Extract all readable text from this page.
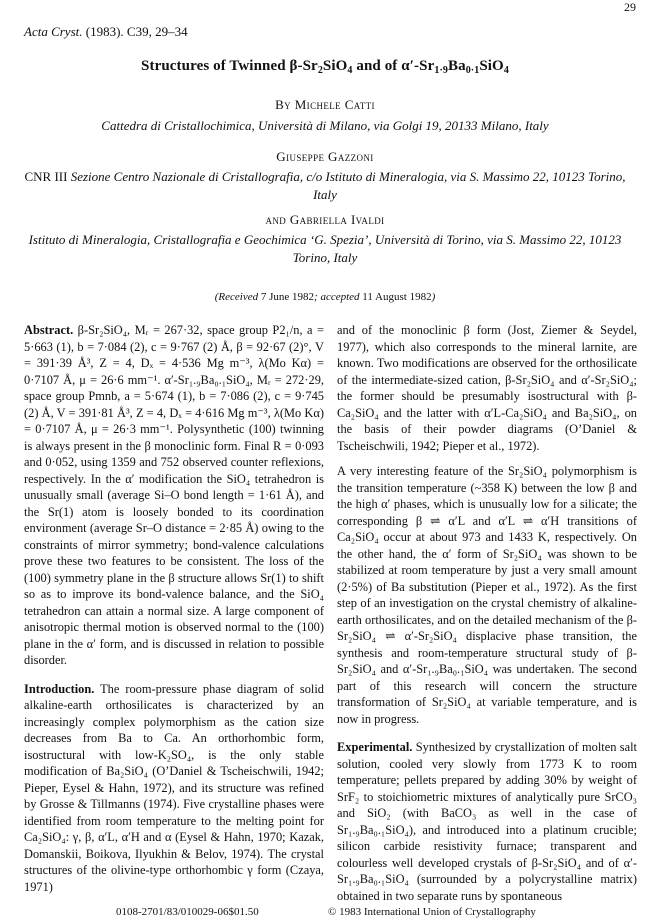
29
Acta Cryst. (1983). C39, 29–34
Structures of Twinned $\beta-Sr_2SiO_4$ and of $\alpha'-Sr_{1\cdot 9}Ba_{0\cdot 1}SiO_4$
By Michele Catti
Cattedra di Cristallochimica, Università di Milano, via Golgi 19, 20133 Milano, Italy
Giuseppe Gazzoni
CNR III Sezione Centro Nazionale di Cristallografia, c/o Istituto di Mineralogia, via S. Massimo 22, 10123 Torino, Italy
and Gabriella Ivaldi
Istituto di Mineralogia, Cristallografia e Geochimica ‘G. Spezia’, Università di Torino, via S. Massimo 22, 10123 Torino, Italy
(Received 7 June 1982; accepted 11 August 1982)

Abstract. β-Sr₂SiO₄, Mᵣ = 267·32, space group P2₁/n, a = 5·663 (1), b = 7·084 (2), c = 9·767 (2) Å, β = 92·67 (2)°, V = 391·39 Å³, Z = 4, Dₓ = 4·536 Mg m⁻³, λ(Mo Kα) = 0·7107 Å, μ = 26·6 mm⁻¹. α′-Sr₁.₉Ba₀.₁SiO₄, Mᵣ = 272·29, space group Pmnb, a = 5·674 (1), b = 7·086 (2), c = 9·745 (2) Å, V = 391·81 Å³, Z = 4, Dₓ = 4·616 Mg m⁻³, λ(Mo Kα) = 0·7107 Å, μ = 26·3 mm⁻¹. Polysynthetic (100) twinning is always present in the β monoclinic form. Final R = 0·093 and 0·052, using 1359 and 752 observed counter reflexions, respectively. In the α′ modification the SiO₄ tetrahedron is unusually small (average Si–O bond length = 1·61 Å), and the Sr(1) atom is loosely bonded to its coordination environment (average Sr–O distance = 2·85 Å) owing to the constraints of mirror symmetry; bond-valence calculations prove these two features to be consistent. The loss of the (100) symmetry plane in the β structure allows Sr(1) to shift so as to improve its bond-valence balance, and the SiO₄ tetrahedron can attain a normal size. A large component of anisotropic thermal motion is observed normal to the (100) plane in the α′ form, and is discussed in relation to possible disorder.

Introduction. The room-pressure phase diagram of solid alkaline-earth orthosilicates is characterized by an increasingly complex polymorphism as the cation size decreases from Ba to Ca. An orthorhombic form, isostructural with low-K₂SO₄, is the only stable modification of Ba₂SiO₄ (O’Daniel & Tscheischwili, 1942; Pieper, Eysel & Hahn, 1972), and its structure was refined by Grosse & Tillmanns (1974). Five crystalline phases were identified from room temperature to the melting point for Ca₂SiO₄: γ, β, α′L, α′H and α (Eysel & Hahn, 1970; Kazak, Domanskii, Boikova, Ilyukhin & Belov, 1974). The crystal structures of the olivine-type orthorhombic γ form (Czaya, 1971)

and of the monoclinic β form (Jost, Ziemer & Seydel, 1977), which also corresponds to the mineral larnite, are known. Two modifications are observed for the orthosilicate of the intermediate-sized cation, β-Sr₂SiO₄ and α′-Sr₂SiO₄; the former should be presumably isostructural with β-Ca₂SiO₄ and the latter with α′L-Ca₂SiO₄ and Ba₂SiO₄, on the basis of their powder diagrams (O’Daniel & Tscheischwili, 1942; Pieper et al., 1972).

A very interesting feature of the Sr₂SiO₄ polymorphism is the transition temperature (~358 K) between the low β and the high α′ phases, which is unusually low for a silicate; the corresponding β ⇌ α′L and α′L ⇌ α′H transitions of Ca₂SiO₄ occur at about 973 and 1433 K, respectively. On the other hand, the α′ form of Sr₂SiO₄ was shown to be stabilized at room temperature by just a very small amount (2·5%) of Ba substitution (Pieper et al., 1972). As the first step of an investigation on the crystal chemistry of alkaline-earth orthosilicates, and on the detailed mechanism of the β-Sr₂SiO₄ ⇌ α′-Sr₂SiO₄ displacive phase transition, the synthesis and room-temperature structural study of β-Sr₂SiO₄ and α′-Sr₁.₉Ba₀.₁SiO₄ was undertaken. The second part of this research will concern the structure transformation of Sr₂SiO₄ at variable temperature, and is now in progress.

Experimental. Synthesized by crystallization of molten salt solution, cooled very slowly from 1773 K to room temperature; pellets prepared by adding 30% by weight of SrF₂ to stoichiometric mixtures of analytically pure SrCO₃ and SiO₂ (with BaCO₃ as well in the case of Sr₁.₉Ba₀.₁SiO₄), and introduced into a platinum crucible; silicon carbide resistivity furnace; transparent and colourless well developed crystals of β-Sr₂SiO₄ and of α′-Sr₁.₉Ba₀.₁SiO₄ (surrounded by a polycrystalline matrix) obtained in two separate runs by spontaneous

0108-2701/83/010029-06$01.50	© 1983 International Union of Crystallography
